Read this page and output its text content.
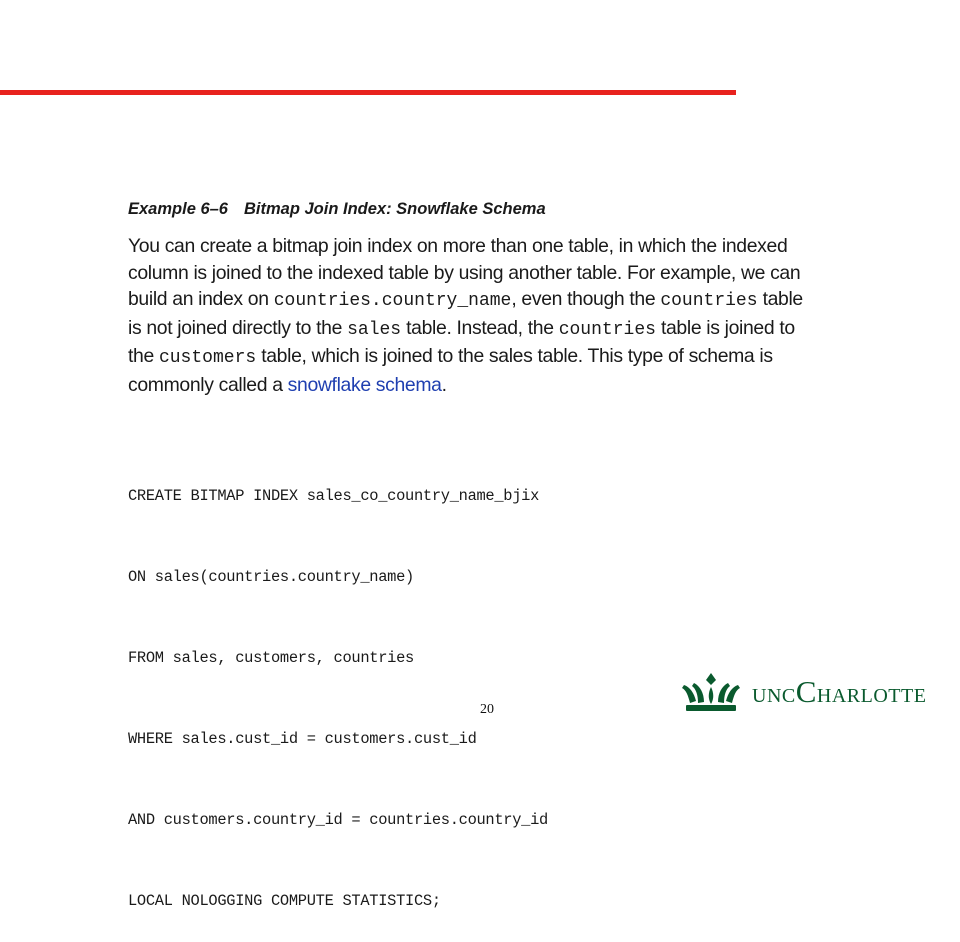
Example 6–6 Bitmap Join Index: Snowflake Schema
You can create a bitmap join index on more than one table, in which the indexed
column is joined to the indexed table by using another table. For example, we can
build an index on countries.country_name, even though the countries table
is not joined directly to the sales table. Instead, the countries table is joined to
the customers table, which is joined to the sales table. This type of schema is
commonly called a snowflake schema.

CREATE BITMAP INDEX sales_co_country_name_bjix

ON sales(countries.country_name)

FROM sales, customers, countries

WHERE sales.cust_id = customers.cust_id

AND customers.country_id = countries.country_id

LOCAL NOLOGGING COMPUTE STATISTICS;

20
UNCCHARLOTTE
